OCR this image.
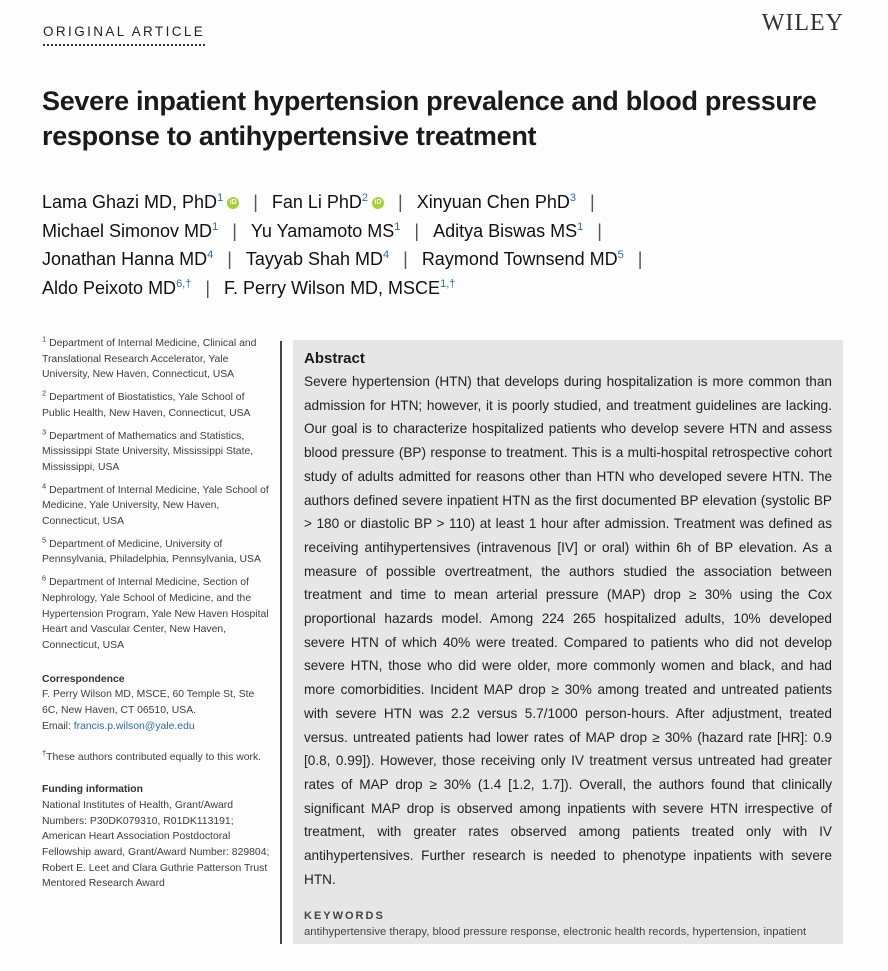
ORIGINAL ARTICLE	WILEY
Severe inpatient hypertension prevalence and blood pressure response to antihypertensive treatment
Lama Ghazi MD, PhD$^1$ iD | Fan Li PhD$^2$ iD | Xinyuan Chen PhD$^3$ |
Michael Simonov $MD^1$ | Yu Yamamoto $MS^1$ | Aditya Biswas $MS^1$ |
Jonathan Hanna $MD^4$ | Tayyab Shah $MD^4$ | Raymond Townsend $MD^5$ |
Aldo Peixoto $MD^{6,\dagger}$ | F. Perry Wilson MD, $MSCE^{1,\dagger}$
$^1$ Department of Internal Medicine, Clinical and Translational Research Accelerator, Yale University, New Haven, Connecticut, USA
$^2$ Department of Biostatistics, Yale School of Public Health, New Haven, Connecticut, USA
$^3$ Department of Mathematics and Statistics, Mississippi State University, Mississippi State, Mississippi, USA
$^4$ Department of Internal Medicine, Yale School of Medicine, Yale University, New Haven, Connecticut, USA
$^5$ Department of Medicine, University of Pennsylvania, Philadelphia, Pennsylvania, USA
$^6$ Department of Internal Medicine, Section of Nephrology, Yale School of Medicine, and the Hypertension Program, Yale New Haven Hospital Heart and Vascular Center, New Haven, Connecticut, USA
Correspondence
F. Perry Wilson MD, MSCE, 60 Temple St, Ste 6C, New Haven, CT 06510, USA.
Email: francis.p.wilson@yale.edu
†These authors contributed equally to this work.
Funding information
National Institutes of Health, Grant/Award Numbers: P30DK079310, R01DK113191; American Heart Association Postdoctoral Fellowship award, Grant/Award Number: 829804; Robert E. Leet and Clara Guthrie Patterson Trust Mentored Research Award
Abstract

Severe hypertension (HTN) that develops during hospitalization is more common than admission for HTN; however, it is poorly studied, and treatment guidelines are lacking. Our goal is to characterize hospitalized patients who develop severe HTN and assess blood pressure (BP) response to treatment. This is a multi-hospital retrospective cohort study of adults admitted for reasons other than HTN who developed severe HTN. The authors defined severe inpatient HTN as the first documented BP elevation (systolic BP > 180 or diastolic BP > 110) at least 1 hour after admission. Treatment was defined as receiving antihypertensives (intravenous [IV] or oral) within 6h of BP elevation. As a measure of possible overtreatment, the authors studied the association between treatment and time to mean arterial pressure (MAP) drop ≥ 30% using the Cox proportional hazards model. Among 224 265 hospitalized adults, 10% developed severe HTN of which 40% were treated. Compared to patients who did not develop severe HTN, those who did were older, more commonly women and black, and had more comorbidities. Incident MAP drop ≥ 30% among treated and untreated patients with severe HTN was 2.2 versus 5.7/1000 person-hours. After adjustment, treated versus. untreated patients had lower rates of MAP drop ≥ 30% (hazard rate [HR]: 0.9 [0.8, 0.99]). However, those receiving only IV treatment versus untreated had greater rates of MAP drop ≥ 30% (1.4 [1.2, 1.7]). Overall, the authors found that clinically significant MAP drop is observed among inpatients with severe HTN irrespective of treatment, with greater rates observed among patients treated only with IV antihypertensives. Further research is needed to phenotype inpatients with severe HTN.

KEYWORDS
antihypertensive therapy, blood pressure response, electronic health records, hypertension, inpatient
